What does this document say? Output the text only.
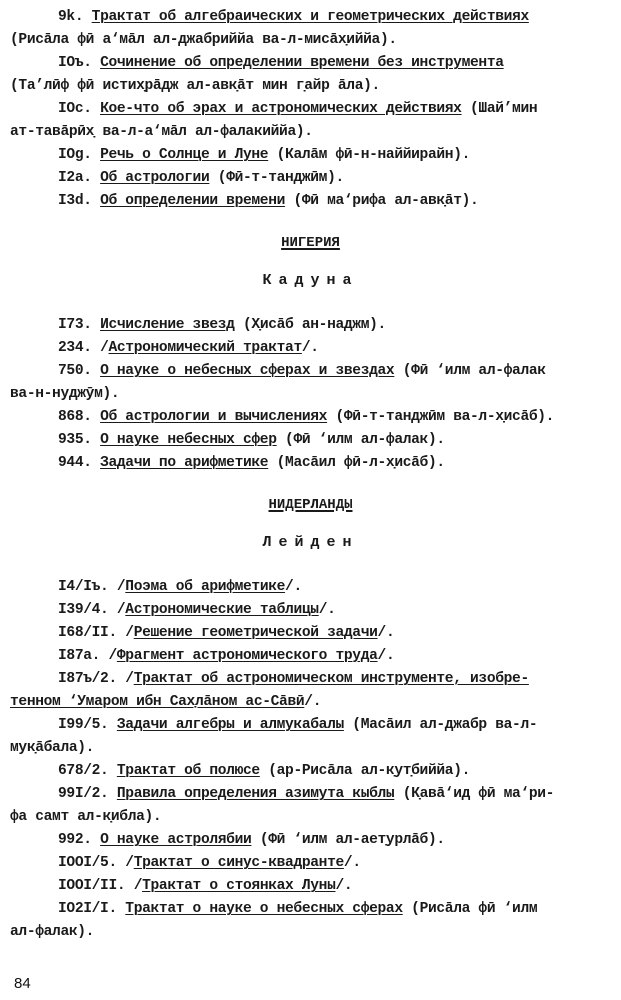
9k. Трактат об алгебраических и геометрических действиях
(Рисāла фӣ а‘мāл ал-джабриййа ва-л-мисāх̣иййа).
IOъ. Сочинение об определении времени без инструмента
(Та’лӣф фӣ истих̣рāдж ал-авк̣āт мин г̣айр āла).
IOc. Кое-что об эрах и астрономических действиях (Шай’мин
ат-тавāрӣх̣ ва-л-а‘мāл ал-фалакиййа).
IOg. Речь о Солнце и Луне (Калāм фӣ-н-наййирайн).
I2a. Об астрологии (Фӣ-т-танджӣм).
I3d. Об определении времени (Фӣ ма‘рифа ал-авк̣āт).
НИГЕРИЯ
Кадуна
I73. Исчисление звезд (Х̣исāб ан-наджм).
234. /Астрономический трактат/.
750. О науке о небесных сферах и звездах (Фӣ ‘илм ал-фалак
ва-н-нуджӯм).
868. Об астрологии и вычислениях (Фӣ-т-танджӣм ва-л-х̣исāб).
935. О науке небесных сфер (Фӣ ‘илм ал-фалак).
944. Задачи по арифметике (Масāил фӣ-л-х̣исāб).
НИДЕРЛАНДЫ
Лейден
I4/Iъ. /Поэма об арифметике/.
I39/4. /Астрономические таблицы/.
I68/II. /Решение геометрической задачи/.
I87a. /Фрагмент астрономического труда/.
I87ъ/2. /Трактат об астрономическом инструменте, изобре-
тенном ‘Умаром ибн Сах̣лāном ас-Сāвӣ/.
I99/5. Задачи алгебры и алмукабалы (Масāил ал-джабр ва-л-
мук̣āбала).
678/2. Трактат об полюсе (ар-Рисāла ал-к̣ут̣биййа).
99I/2. Правила определения азимута кыблы (К̣авā‘ид фӣ ма‘ри-
фа самт ал-к̣ибла).
992. О науке астролябии (Фӣ ‘илм ал-ает̣урлāб).
IOOI/5. /Трактат о синус-квадранте/.
IOOI/II. /Трактат о стоянках Луны/.
IO2I/I. Трактат о науке о небесных сферах (Рисāла фӣ ‘илм
ал-фалак).
84
